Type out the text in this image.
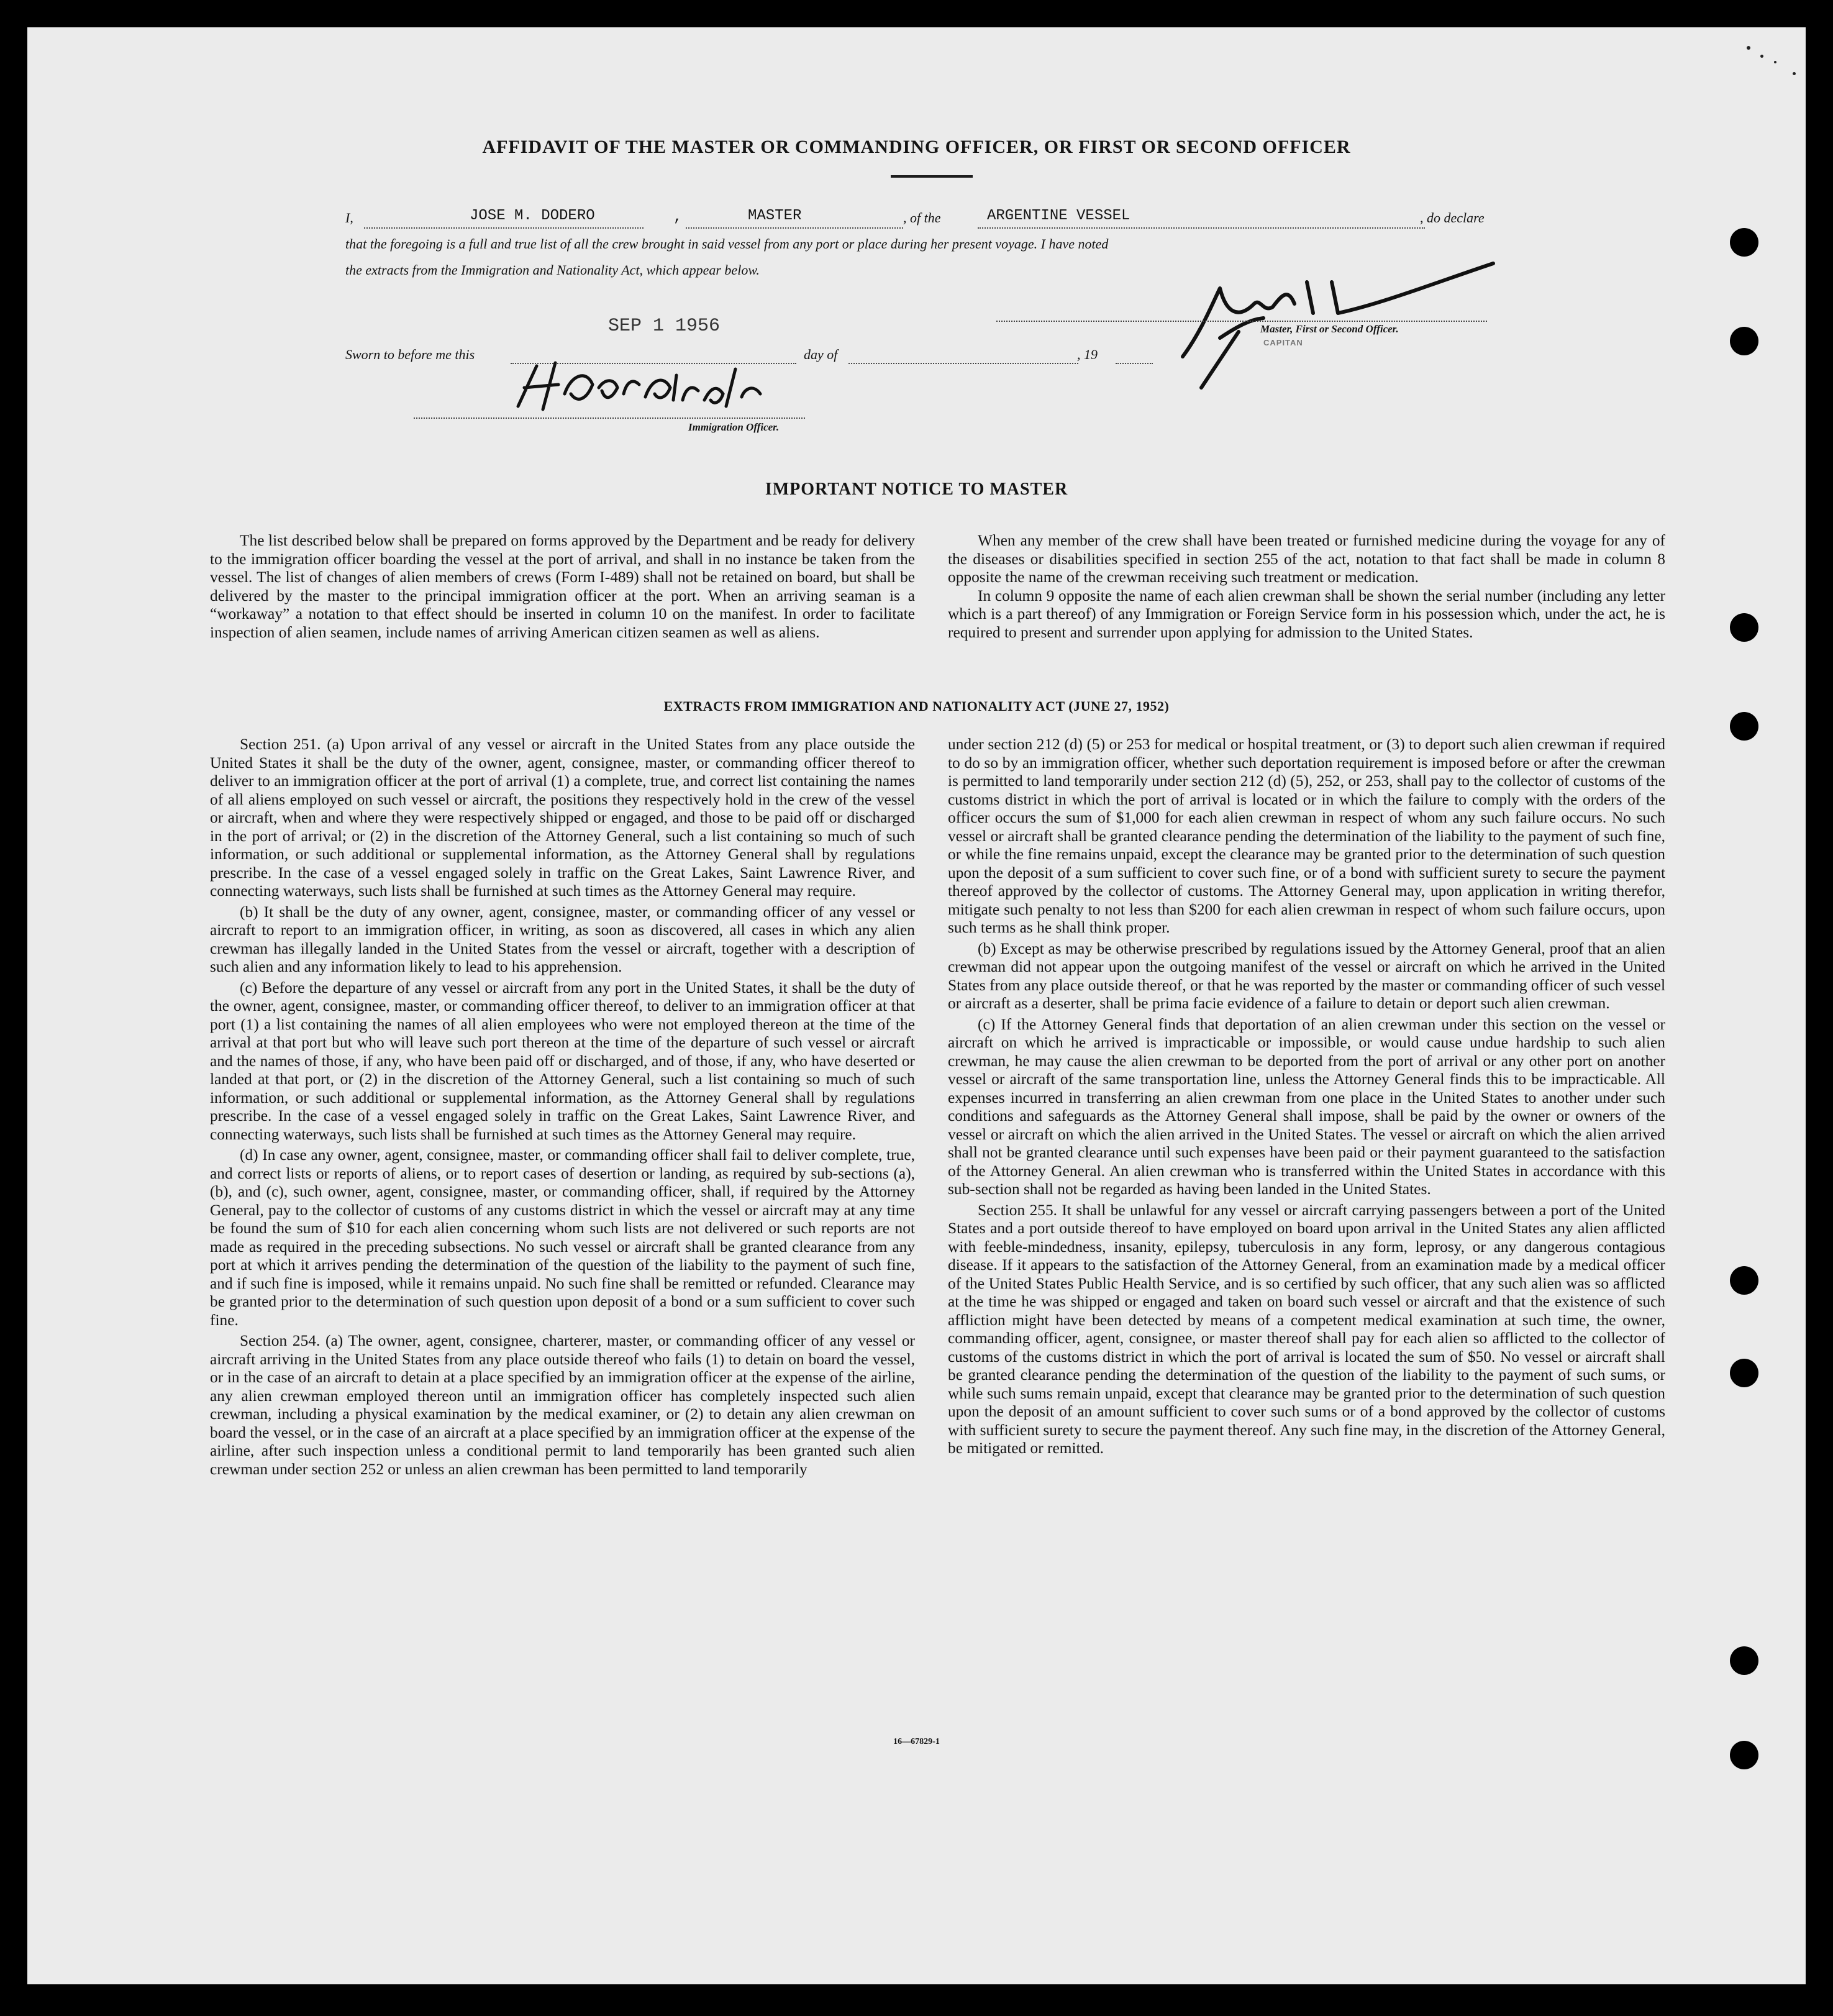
AFFIDAVIT OF THE MASTER OR COMMANDING OFFICER, OR FIRST OR SECOND OFFICER
I,	JOSE M. DODERO	,	MASTER	, of the	ARGENTINE VESSEL	, do declare
that the foregoing is a full and true list of all the crew brought in said vessel from any port or place during her present voyage. I have noted
the extracts from the Immigration and Nationality Act, which appear below.
Master, First or Second Officer.
CAPITAN
SEP 1 1956
Sworn to before me this	day of	, 19
Immigration Officer.
IMPORTANT NOTICE TO MASTER

The list described below shall be prepared on forms approved by the Department and be ready for delivery to the immigration officer boarding the vessel at the port of arrival, and shall in no instance be taken from the vessel. The list of changes of alien members of crews (Form I-489) shall not be retained on board, but shall be delivered by the master to the principal immigration officer at the port. When an arriving seaman is a “workaway” a notation to that effect should be inserted in column 10 on the manifest. In order to facilitate inspection of alien seamen, include names of arriving American citizen seamen as well as aliens.

When any member of the crew shall have been treated or furnished medicine during the voyage for any of the diseases or disabilities specified in section 255 of the act, notation to that fact shall be made in column 8 opposite the name of the crewman receiving such treatment or medication.

In column 9 opposite the name of each alien crewman shall be shown the serial number (including any letter which is a part thereof) of any Immigration or Foreign Service form in his possession which, under the act, he is required to present and surrender upon applying for admission to the United States.

EXTRACTS FROM IMMIGRATION AND NATIONALITY ACT (JUNE 27, 1952)

Section 251. (a) Upon arrival of any vessel or aircraft in the United States from any place outside the United States it shall be the duty of the owner, agent, consignee, master, or commanding officer thereof to deliver to an immigration officer at the port of arrival (1) a complete, true, and correct list containing the names of all aliens employed on such vessel or aircraft, the positions they respectively hold in the crew of the vessel or aircraft, when and where they were respectively shipped or engaged, and those to be paid off or discharged in the port of arrival; or (2) in the discretion of the Attorney General, such a list containing so much of such information, or such additional or supplemental information, as the Attorney General shall by regulations prescribe. In the case of a vessel engaged solely in traffic on the Great Lakes, Saint Lawrence River, and connecting waterways, such lists shall be furnished at such times as the Attorney General may require.

(b) It shall be the duty of any owner, agent, consignee, master, or commanding officer of any vessel or aircraft to report to an immigration officer, in writing, as soon as discovered, all cases in which any alien crewman has illegally landed in the United States from the vessel or aircraft, together with a description of such alien and any information likely to lead to his apprehension.

(c) Before the departure of any vessel or aircraft from any port in the United States, it shall be the duty of the owner, agent, consignee, master, or commanding officer thereof, to deliver to an immigration officer at that port (1) a list containing the names of all alien employees who were not employed thereon at the time of the arrival at that port but who will leave such port thereon at the time of the departure of such vessel or aircraft and the names of those, if any, who have been paid off or discharged, and of those, if any, who have deserted or landed at that port, or (2) in the discretion of the Attorney General, such a list containing so much of such information, or such additional or supplemental information, as the Attorney General shall by regulations prescribe. In the case of a vessel engaged solely in traffic on the Great Lakes, Saint Lawrence River, and connecting waterways, such lists shall be furnished at such times as the Attorney General may require.

(d) In case any owner, agent, consignee, master, or commanding officer shall fail to deliver complete, true, and correct lists or reports of aliens, or to report cases of desertion or landing, as required by sub-sections (a), (b), and (c), such owner, agent, consignee, master, or commanding officer, shall, if required by the Attorney General, pay to the collector of customs of any customs district in which the vessel or aircraft may at any time be found the sum of $10 for each alien concerning whom such lists are not delivered or such reports are not made as required in the preceding subsections. No such vessel or aircraft shall be granted clearance from any port at which it arrives pending the determination of the question of the liability to the payment of such fine, and if such fine is imposed, while it remains unpaid. No such fine shall be remitted or refunded. Clearance may be granted prior to the determination of such question upon deposit of a bond or a sum sufficient to cover such fine.

Section 254. (a) The owner, agent, consignee, charterer, master, or commanding officer of any vessel or aircraft arriving in the United States from any place outside thereof who fails (1) to detain on board the vessel, or in the case of an aircraft to detain at a place specified by an immigration officer at the expense of the airline, any alien crewman employed thereon until an immigration officer has completely inspected such alien crewman, including a physical examination by the medical examiner, or (2) to detain any alien crewman on board the vessel, or in the case of an aircraft at a place specified by an immigration officer at the expense of the airline, after such inspection unless a conditional permit to land temporarily has been granted such alien crewman under section 252 or unless an alien crewman has been permitted to land temporarily

under section 212 (d) (5) or 253 for medical or hospital treatment, or (3) to deport such alien crewman if required to do so by an immigration officer, whether such deportation requirement is imposed before or after the crewman is permitted to land temporarily under section 212 (d) (5), 252, or 253, shall pay to the collector of customs of the customs district in which the port of arrival is located or in which the failure to comply with the orders of the officer occurs the sum of $1,000 for each alien crewman in respect of whom any such failure occurs. No such vessel or aircraft shall be granted clearance pending the determination of the liability to the payment of such fine, or while the fine remains unpaid, except the clearance may be granted prior to the determination of such question upon the deposit of a sum sufficient to cover such fine, or of a bond with sufficient surety to secure the payment thereof approved by the collector of customs. The Attorney General may, upon application in writing therefor, mitigate such penalty to not less than $200 for each alien crewman in respect of whom such failure occurs, upon such terms as he shall think proper.

(b) Except as may be otherwise prescribed by regulations issued by the Attorney General, proof that an alien crewman did not appear upon the outgoing manifest of the vessel or aircraft on which he arrived in the United States from any place outside thereof, or that he was reported by the master or commanding officer of such vessel or aircraft as a deserter, shall be prima facie evidence of a failure to detain or deport such alien crewman.

(c) If the Attorney General finds that deportation of an alien crewman under this section on the vessel or aircraft on which he arrived is impracticable or impossible, or would cause undue hardship to such alien crewman, he may cause the alien crewman to be deported from the port of arrival or any other port on another vessel or aircraft of the same transportation line, unless the Attorney General finds this to be impracticable. All expenses incurred in transferring an alien crewman from one place in the United States to another under such conditions and safeguards as the Attorney General shall impose, shall be paid by the owner or owners of the vessel or aircraft on which the alien arrived in the United States. The vessel or aircraft on which the alien arrived shall not be granted clearance until such expenses have been paid or their payment guaranteed to the satisfaction of the Attorney General. An alien crewman who is transferred within the United States in accordance with this sub-section shall not be regarded as having been landed in the United States.

Section 255. It shall be unlawful for any vessel or aircraft carrying passengers between a port of the United States and a port outside thereof to have employed on board upon arrival in the United States any alien afflicted with feeble-mindedness, insanity, epilepsy, tuberculosis in any form, leprosy, or any dangerous contagious disease. If it appears to the satisfaction of the Attorney General, from an examination made by a medical officer of the United States Public Health Service, and is so certified by such officer, that any such alien was so afflicted at the time he was shipped or engaged and taken on board such vessel or aircraft and that the existence of such affliction might have been detected by means of a competent medical examination at such time, the owner, commanding officer, agent, consignee, or master thereof shall pay for each alien so afflicted to the collector of customs of the customs district in which the port of arrival is located the sum of $50. No vessel or aircraft shall be granted clearance pending the determination of the question of the liability to the payment of such sums, or while such sums remain unpaid, except that clearance may be granted prior to the determination of such question upon the deposit of an amount sufficient to cover such sums or of a bond approved by the collector of customs with sufficient surety to secure the payment thereof. Any such fine may, in the discretion of the Attorney General, be mitigated or remitted.

16—67829-1
